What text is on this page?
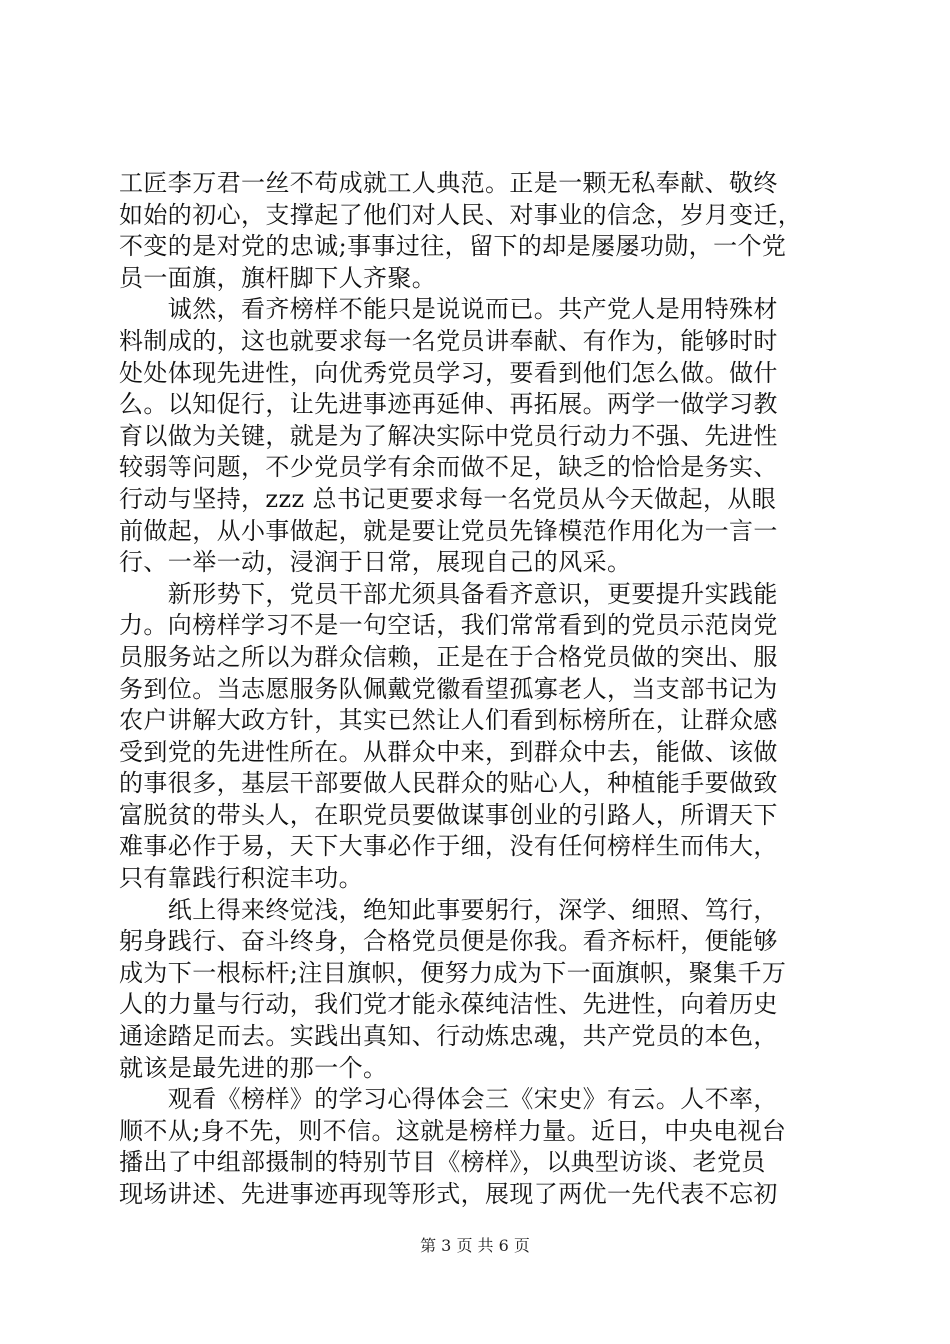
工匠李万君一丝不苟成就工人典范。正是一颗无私奉献、敬终
如始的初心，支撑起了他们对人民、对事业的信念，岁月变迁，
不变的是对党的忠诚;事事过往，留下的却是屡屡功勋，一个党
员一面旗，旗杆脚下人齐聚。
　　诚然，看齐榜样不能只是说说而已。共产党人是用特殊材
料制成的，这也就要求每一名党员讲奉献、有作为，能够时时
处处体现先进性，向优秀党员学习，要看到他们怎么做。做什
么。以知促行，让先进事迹再延伸、再拓展。两学一做学习教
育以做为关键，就是为了解决实际中党员行动力不强、先进性
较弱等问题，不少党员学有余而做不足，缺乏的恰恰是务实、
行动与坚持，zzz 总书记更要求每一名党员从今天做起，从眼
前做起，从小事做起，就是要让党员先锋模范作用化为一言一
行、一举一动，浸润于日常，展现自己的风采。
　　新形势下，党员干部尤须具备看齐意识，更要提升实践能
力。向榜样学习不是一句空话，我们常常看到的党员示范岗党
员服务站之所以为群众信赖，正是在于合格党员做的突出、服
务到位。当志愿服务队佩戴党徽看望孤寡老人，当支部书记为
农户讲解大政方针，其实已然让人们看到标榜所在，让群众感
受到党的先进性所在。从群众中来，到群众中去，能做、该做
的事很多，基层干部要做人民群众的贴心人，种植能手要做致
富脱贫的带头人，在职党员要做谋事创业的引路人，所谓天下
难事必作于易，天下大事必作于细，没有任何榜样生而伟大，
只有靠践行积淀丰功。
　　纸上得来终觉浅，绝知此事要躬行，深学、细照、笃行，
躬身践行、奋斗终身，合格党员便是你我。看齐标杆，便能够
成为下一根标杆;注目旗帜，便努力成为下一面旗帜，聚集千万
人的力量与行动，我们党才能永葆纯洁性、先进性，向着历史
通途踏足而去。实践出真知、行动炼忠魂，共产党员的本色，
就该是最先进的那一个。
　　观看《榜样》的学习心得体会三《宋史》有云。人不率，
顺不从;身不先，则不信。这就是榜样力量。近日，中央电视台
播出了中组部摄制的特别节目《榜样》，以典型访谈、老党员
现场讲述、先进事迹再现等形式，展现了两优一先代表不忘初
第 3 页 共 6 页
